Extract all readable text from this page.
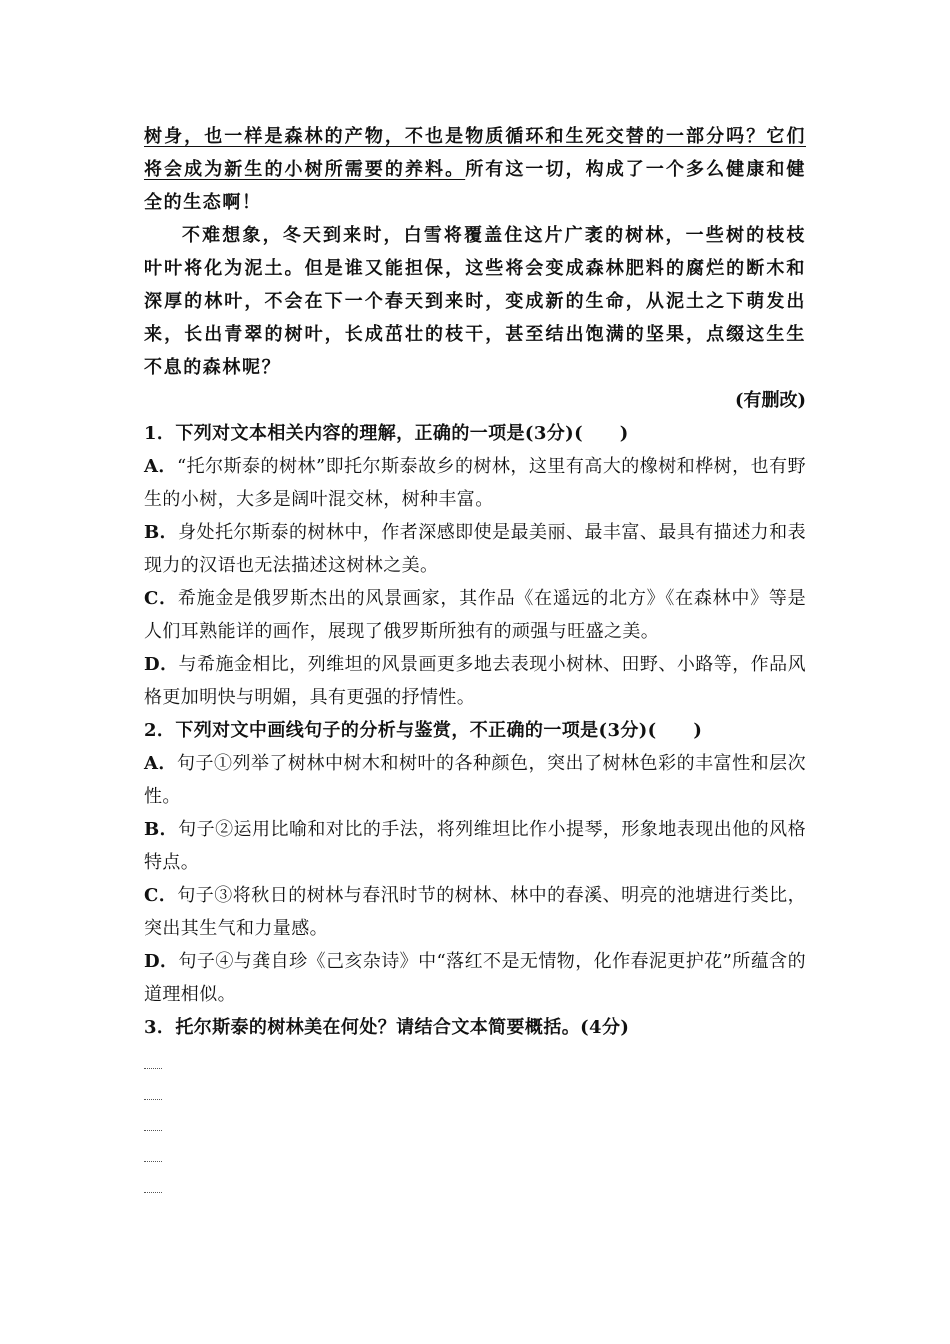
树身，也一样是森林的产物，不也是物质循环和生死交替的一部分吗？它们将会成为新生的小树所需要的养料。所有这一切，构成了一个多么健康和健全的生态啊！

不难想象，冬天到来时，白雪将覆盖住这片广袤的树林，一些树的枝枝叶叶将化为泥土。但是谁又能担保，这些将会变成森林肥料的腐烂的断木和深厚的林叶，不会在下一个春天到来时，变成新的生命，从泥土之下萌发出来，长出青翠的树叶，长成茁壮的枝干，甚至结出饱满的坚果，点缀这生生不息的森林呢？

(有删改)

1．下列对文本相关内容的理解，正确的一项是(3分)(　　)

A．“托尔斯泰的树林”即托尔斯泰故乡的树林，这里有高大的橡树和桦树，也有野生的小树，大多是阔叶混交林，树种丰富。

B．身处托尔斯泰的树林中，作者深感即使是最美丽、最丰富、最具有描述力和表现力的汉语也无法描述这树林之美。

C．希施金是俄罗斯杰出的风景画家，其作品《在遥远的北方》《在森林中》等是人们耳熟能详的画作，展现了俄罗斯所独有的顽强与旺盛之美。

D．与希施金相比，列维坦的风景画更多地去表现小树林、田野、小路等，作品风格更加明快与明媚，具有更强的抒情性。

2．下列对文中画线句子的分析与鉴赏，不正确的一项是(3分)(　　)

A．句子①列举了树林中树木和树叶的各种颜色，突出了树林色彩的丰富性和层次性。

B．句子②运用比喻和对比的手法，将列维坦比作小提琴，形象地表现出他的风格特点。

C．句子③将秋日的树林与春汛时节的树林、林中的春溪、明亮的池塘进行类比，突出其生气和力量感。

D．句子④与龚自珍《己亥杂诗》中“落红不是无情物，化作春泥更护花”所蕴含的道理相似。

3．托尔斯泰的树林美在何处？请结合文本简要概括。(4分)
